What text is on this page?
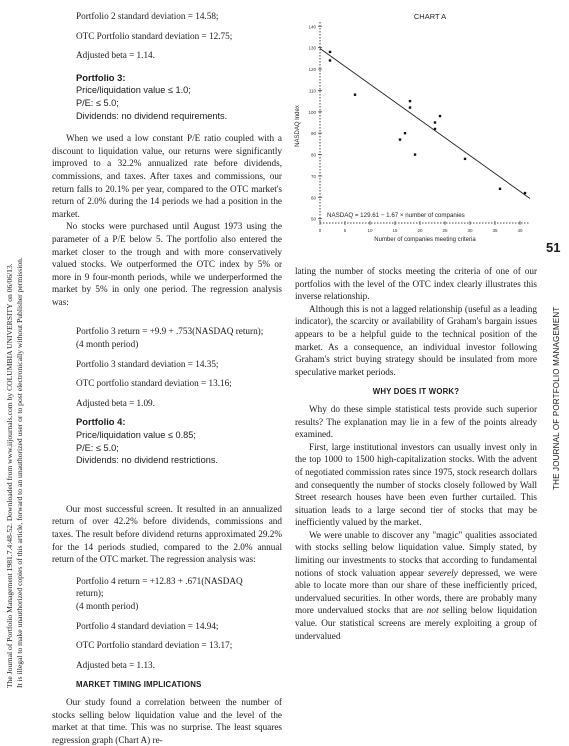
The Journal of Portfolio Management 1981.7.4:48-52. Downloaded from www.iijournals.com by COLUMBIA UNIVERSITY on 06/06/13. It is illegal to make unauthorized copies of this article, forward to an unauthorized user or to post electronically without Publisher permission.	THE JOURNAL OF PORTFOLIO MANAGEMENT
51

Portfolio 2 standard deviation = 14.58;

OTC Portfolio standard deviation = 12.75;

Adjusted beta = 1.14.

Portfolio 3:
Price/liquidation value ≤ 1.0;
P/E: ≤ 5.0;
Dividends: no dividend requirements.

When we used a low constant P/E ratio coupled with a discount to liquidation value, our returns were significantly improved to a 32.2% annualized rate before dividends, commissions, and taxes. After taxes and commissions, our return falls to 20.1% per year, compared to the OTC market's return of 2.0% during the 14 periods we had a position in the market.

No stocks were purchased until August 1973 using the parameter of a P/E below 5. The portfolio also entered the market closer to the trough and with more conservatively valued stocks. We outperformed the OTC index by 5% or more in 9 four-month periods, while we underperformed the market by 5% in only one period. The regression analysis was:

Portfolio 3 return = +9.9 + .753(NASDAQ return);

(4 month period)

Portfolio 3 standard deviation = 14.35;

OTC portfolio standard deviation = 13.16;

Adjusted beta = 1.09.

Portfolio 4:
Price/liquidation value ≤ 0.85;
P/E: ≤ 5.0;
Dividends: no dividend restrictions.

Our most successful screen. It resulted in an annualized return of over 42.2% before dividends, commissions and taxes. The result before dividend returns approximated 29.2% for the 14 periods studied, compared to the 2.0% annual return of the OTC market. The regression analysis was:

Portfolio 4 return = +12.83 + .671(NASDAQ

return);

(4 month period)

Portfolio 4 standard deviation = 14.94;

OTC Portfolio standard deviation = 13.17;

Adjusted beta = 1.13.

MARKET TIMING IMPLICATIONS

Our study found a correlation between the number of stocks selling below liquidation value and the level of the market at that time. This was no surprise. The least squares regression graph (Chart A) re-

CHART A
50
60
70
80
90
100
110
120
130
140
0	5	10	15	20	25	30	35	40
Number of companies meeting criteria
NASDAQ Index
NASDAQ = 129.61 − 1.67 × number of companies

lating the number of stocks meeting the criteria of one of our portfolios with the level of the OTC index clearly illustrates this inverse relationship.

Although this is not a lagged relationship (useful as a leading indicator), the scarcity or availability of Graham's bargain issues appears to be a helpful guide to the technical position of the market. As a consequence, an individual investor following Graham's strict buying strategy should be insulated from more speculative market periods.

WHY DOES IT WORK?

Why do these simple statistical tests provide such superior results? The explanation may lie in a few of the points already examined.

First, large institutional investors can usually invest only in the top 1000 to 1500 high-capitalization stocks. With the advent of negotiated commission rates since 1975, stock research dollars and consequently the number of stocks closely followed by Wall Street research houses have been even further curtailed. This situation leads to a large second tier of stocks that may be inefficiently valued by the market.

We were unable to discover any "magic" qualities associated with stocks selling below liquidation value. Simply stated, by limiting our investments to stocks that according to fundamental notions of stock valuation appear severely depressed, we were able to locate more than our share of these inefficiently priced, undervalued securities. In other words, there are probably many more undervalued stocks that are not selling below liquidation value. Our statistical screens are merely exploiting a group of undervalued
